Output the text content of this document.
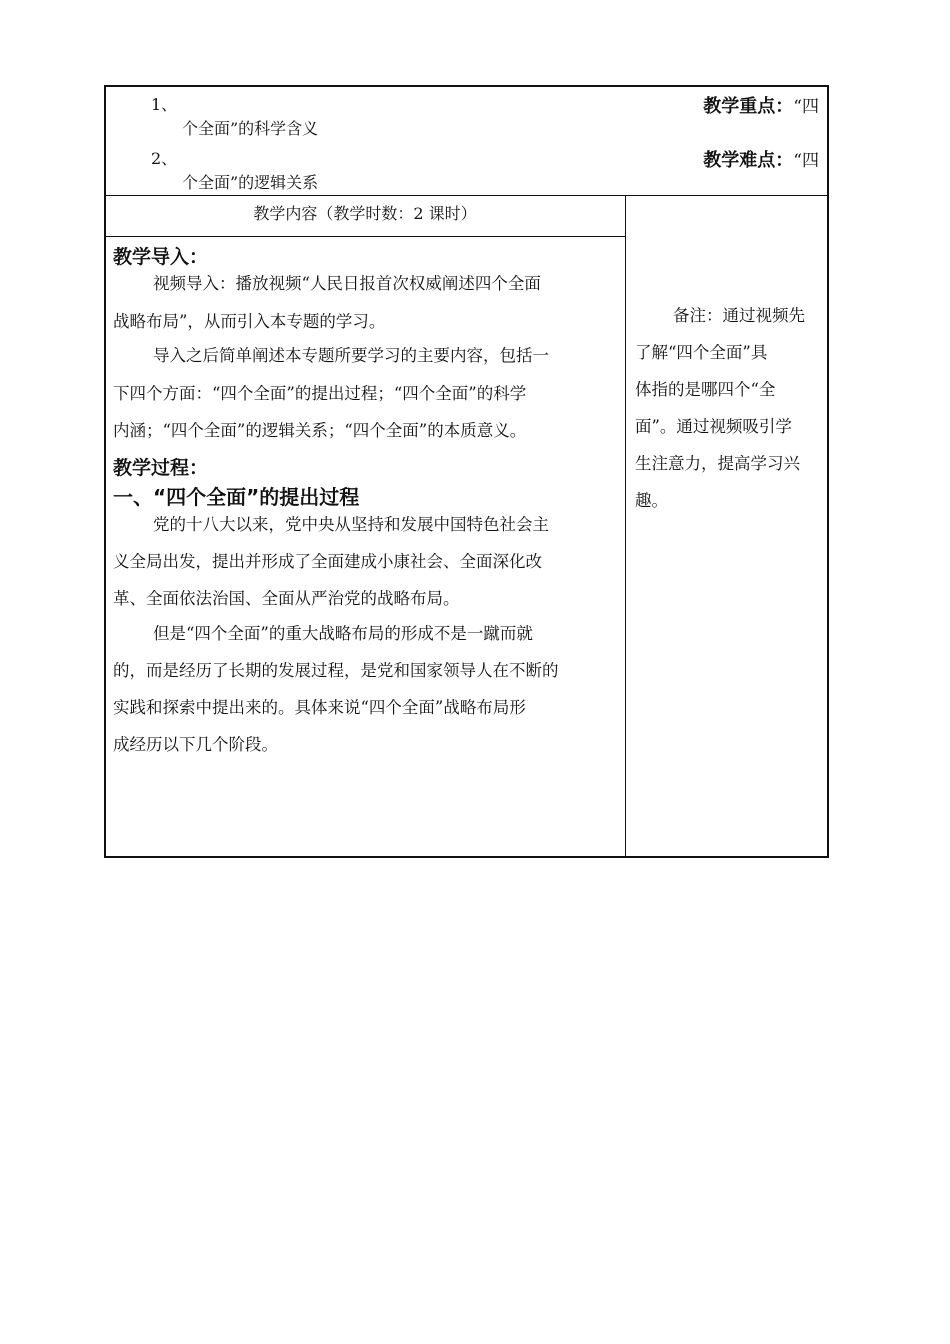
1、
个全面”的科学含义
2、
个全面”的逻辑关系
教学重点：“四
教学难点：“四
教学内容（教学时数：2 课时）
教学导入：
视频导入：播放视频“人民日报首次权威阐述四个全面
战略布局”，从而引入本专题的学习。
导入之后简单阐述本专题所要学习的主要内容，包括一
下四个方面：“四个全面”的提出过程；“四个全面”的科学
内涵；“四个全面”的逻辑关系；“四个全面”的本质意义。
教学过程：
一、“四个全面”的提出过程
党的十八大以来，党中央从坚持和发展中国特色社会主
义全局出发，提出并形成了全面建成小康社会、全面深化改
革、全面依法治国、全面从严治党的战略布局。
但是“四个全面”的重大战略布局的形成不是一蹴而就
的，而是经历了长期的发展过程，是党和国家领导人在不断的
实践和探索中提出来的。具体来说“四个全面”战略布局形
成经历以下几个阶段。
备注：通过视频先
了解“四个全面”具
体指的是哪四个“全
面”。通过视频吸引学
生注意力，提高学习兴
趣。
